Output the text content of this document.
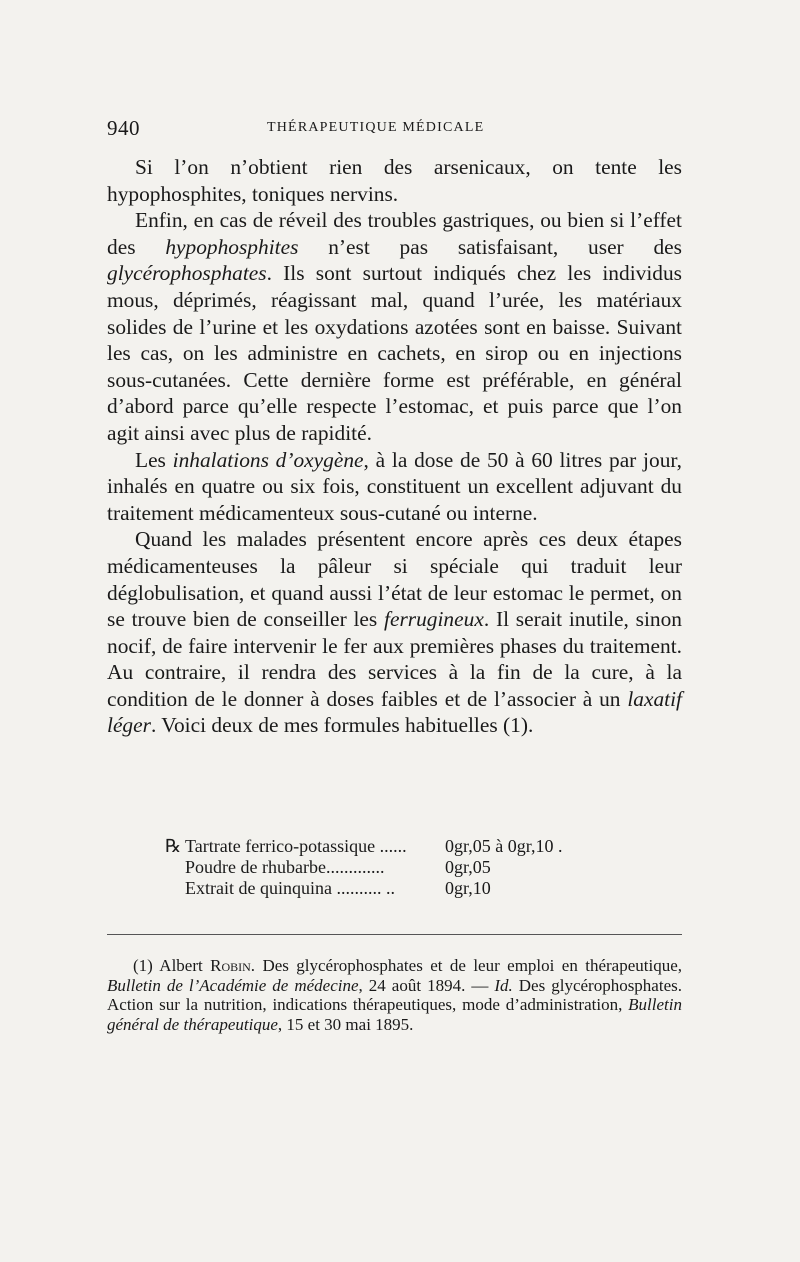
940	THÉRAPEUTIQUE MÉDICALE

Si l’on n’obtient rien des arsenicaux, on tente les hypophosphites, toniques nervins.

Enfin, en cas de réveil des troubles gastriques, ou bien si l’effet des hypophosphites n’est pas satisfaisant, user des glycérophosphates. Ils sont surtout indiqués chez les individus mous, déprimés, réagissant mal, quand l’urée, les matériaux solides de l’urine et les oxydations azotées sont en baisse. Suivant les cas, on les administre en cachets, en sirop ou en injections sous-cutanées. Cette dernière forme est préférable, en général d’abord parce qu’elle respecte l’estomac, et puis parce que l’on agit ainsi avec plus de rapidité.

Les inhalations d’oxygène, à la dose de 50 à 60 litres par jour, inhalés en quatre ou six fois, constituent un excellent adjuvant du traitement médicamenteux sous-cutané ou interne.

Quand les malades présentent encore après ces deux étapes médicamenteuses la pâleur si spéciale qui traduit leur déglobulisation, et quand aussi l’état de leur estomac le permet, on se trouve bien de conseiller les ferrugineux. Il serait inutile, sinon nocif, de faire intervenir le fer aux premières phases du traitement. Au contraire, il rendra des services à la fin de la cure, à la condition de le donner à doses faibles et de l’associer à un laxatif léger. Voici deux de mes formules habituelles (1).

℞ Tartrate ferrico-potassique ......	0gr,05 à 0gr,10 .
Poudre de rhubarbe.............	0gr,05
Extrait de quinquina .......... ..	0gr,10

(1) Albert Robin. Des glycérophosphates et de leur emploi en thérapeutique, Bulletin de l’Académie de médecine, 24 août 1894. — Id. Des glycérophosphates. Action sur la nutrition, indications thérapeutiques, mode d’administration, Bulletin général de thérapeutique, 15 et 30 mai 1895.
